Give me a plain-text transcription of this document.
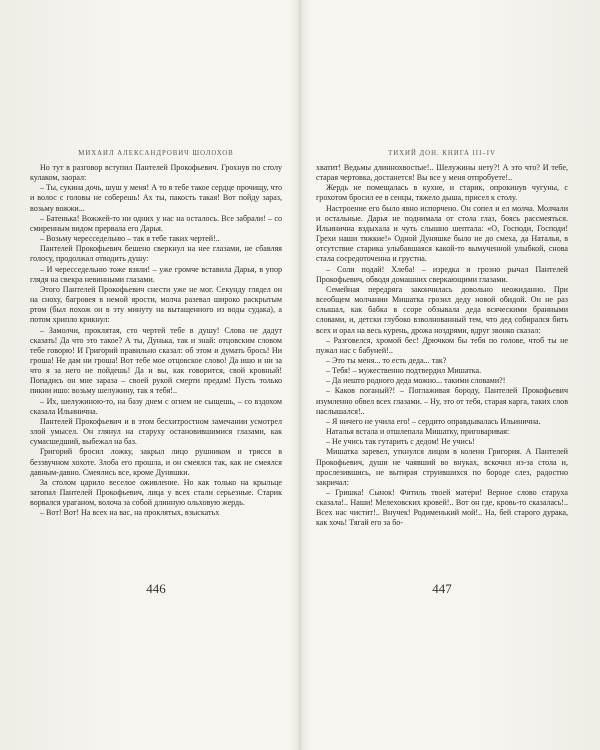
МИХАИЛ АЛЕКСАНДРОВИЧ ШОЛОХОВ

Но тут в разговор вступил Пантелей Прокофьевич. Грохнув по столу кулаком, заорал:

– Ты, сукина дочь, шуш у меня! А то я тебе такое сердце прочищу, что и волос с головы не соберешь! Ах ты, пакость такая! Вот пойду зараз, возьму вожжи...

– Батенька! Вожжей-то ни одних у нас на осталось. Все забрали! – со смиренным видом прервала его Дарья.

– Возьму чересседельню – так я тебе таких чертей!..

Пантелей Прокофьевич бешено сверкнул на нее глазами, не сбавляя голосу, продолжал отводить душу:

– И чересседельню тоже взяли! – уже громче вставила Дарья, в упор глядя на свекра невинными глазами.

Этого Пантелей Прокофьевич снести уже не мог. Секунду глядел он на сноху, багровея в немой ярости, молча разевал широко раскрытым ртом (был похож он в эту минуту на вытащенного из воды судака), а потом хрипло крикнул:

– Замолчи, проклятая, сто чертей тебе в душу! Слова не дадут сказать! Да что это такое? А ты, Дунька, так и знай: отцовским словом тебе говорю! И Григорий правильно сказал: об этом и думать брось! Ни гроша! Не дам ни гроша! Вот тебе мое отцовское слово! Да ишо и ни за что я за него не пойдешь! Да и вы, как говорится, свой кровный! Попадись он мне зараза ‒ своей рукой смерти предам! Пусть только пикни ишо: возьму шелужину, так я тебя!..

– Их, шелужиною-то, на базу днем с огнем не сыщешь, – со вздохом сказала Ильинична.

Пантелей Прокофьевич и в этом бесхитростном замечании усмотрел злой умысел. Он глянул на старуху остановившимися глазами, как сумасшедший, выбежал на баз.

Григорий бросил ложку, закрыл лицо рушником и трясся в беззвучном хохоте. Злоба его прошла, и он смеялся так, как не смеялся давным-давно. Смеялись все, кроме Дуняшки.

За столом царило веселое оживление. Но как только на крыльце затопал Пантелей Прокофьевич, лица у всех стали серьезные. Старик ворвался ураганом, волоча за собой длинную ольховую жердь.

– Вот! Вот! На всех на вас, на проклятых, взыскатьх

ТИХИЙ ДОН. КНИГА III–IV

хватит! Ведьмы длиннохвостые!.. Шелужины нету?! А это что? И тебе, старая чертовка, достанется! Вы все у меня отпробуете!..

Жердь не помещалась в кухне, и старик, опрокинув чугуны, с грохотом бросил ее в сенцы, тяжело дыша, присел к столу.

Настроение его было явно испорчено. Он сопел и ел молча. Молчали и остальные. Дарья не поднимала от стола глаз, боясь рассмеяться. Ильинична вздыхала и чуть слышно шептала: «О, Господи, Господи! Грехи наши тяжкие!» Одной Дуняшке было не до смеха, да Наталья, в отсутствие старика улыбавшаяся какой-то вымученной улыбкой, снова стала сосредоточенна и грустна.

– Соли подай! Хлеба! – изредка и грозно рычал Пантелей Прокофьевич, обводя домашних сверкающими глазами.

Семейная передряга закончилась довольно неожиданно. При всеобщем молчании Мишатка грозил деду новой обидой. Он не раз слышал, как бабка в ссоре обзывала деда всяческими бранными словами, и, детски глубоко взволнованный тем, что дед собирался бить всех и орал на весь курень, дрожа ноздрями, вдруг звонко сказал:

– Разговелся, хромой бес! Дрючком бы тебя по голове, чтоб ты не пужал нас с бабуней!..

– Это ты меня... то есть деда... так?

– Тебя! – мужественно подтвердил Мишатка.

– Да нешто родного деда можно... такими словами?!

– Каков поганый?! – Поглаживая бороду, Пантелей Прокофьевич изумленно обвел всех глазами. – Ну, это от тебя, старая карга, таких слов наслышался!..

– Я ничего не учила его! – сердито оправдывалась Ильинична.

Наталья встала и отшлепала Мишатку, приговаривая:

– Не учись так гутарить с дедом! Не учись!

Мишатка заревел, уткнулся лицом в колени Григория. А Пантелей Прокофьевич, души не чаявший во внуках, вскочил из-за стола и, прослезившись, не вытирая струившихся по бороде слез, радостно закричал:

– Гришка! Сынок! Фитиль твоей матери! Верное слово старуха сказала!.. Наши! Мелеховских кровей!.. Вот он где, кровь-то сказалась!.. Всех нас чистит!.. Внучек! Родименький мой!.. На, бей старого дурака, как хочь! Тягай его за бо-

446	447
